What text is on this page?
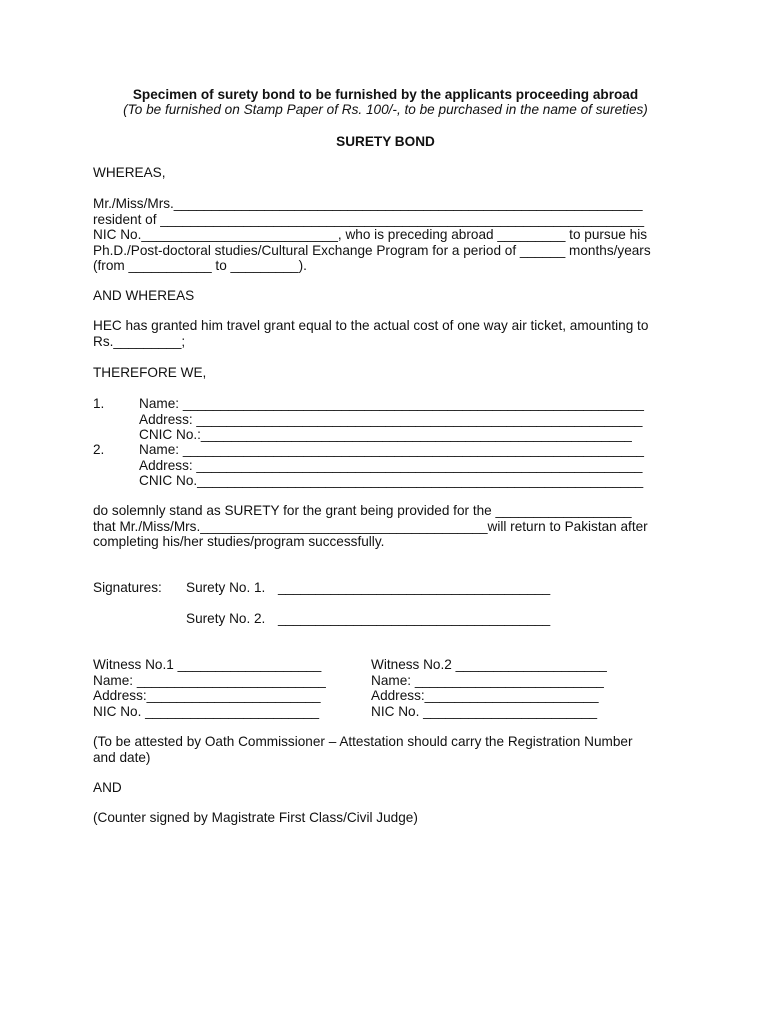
Specimen of surety bond to be furnished by the applicants proceeding abroad
(To be furnished on Stamp Paper of Rs. 100/-, to be purchased in the name of sureties)
SURETY BOND
WHEREAS,
Mr./Miss/Mrs.______________________________________________________________
resident of ________________________________________________________________
NIC No.__________________________, who is preceding abroad _________ to pursue his
Ph.D./Post-doctoral studies/Cultural Exchange Program for a period of ______ months/years
(from ___________ to _________).
AND WHEREAS
HEC has granted him travel grant equal to the actual cost of one way air ticket, amounting to
Rs._________;
THEREFORE WE,
1.	Name: _____________________________________________________________
Address: ___________________________________________________________
CNIC No.:_________________________________________________________
2.	Name: _____________________________________________________________
Address: ___________________________________________________________
CNIC No.___________________________________________________________
do solemnly stand as SURETY for the grant being provided for the __________________
that Mr./Miss/Mrs.______________________________________will return to Pakistan after
completing his/her studies/program successfully.
Signatures: Surety No. 1. ____________________________________
Surety No. 2. ____________________________________
Witness No.1 ___________________
Name: _________________________
Address:_______________________
NIC No. _______________________
Witness No.2 ____________________
Name: _________________________
Address:_______________________
NIC No. _______________________
(To be attested by Oath Commissioner – Attestation should carry the Registration Number
and date)
AND
(Counter signed by Magistrate First Class/Civil Judge)
